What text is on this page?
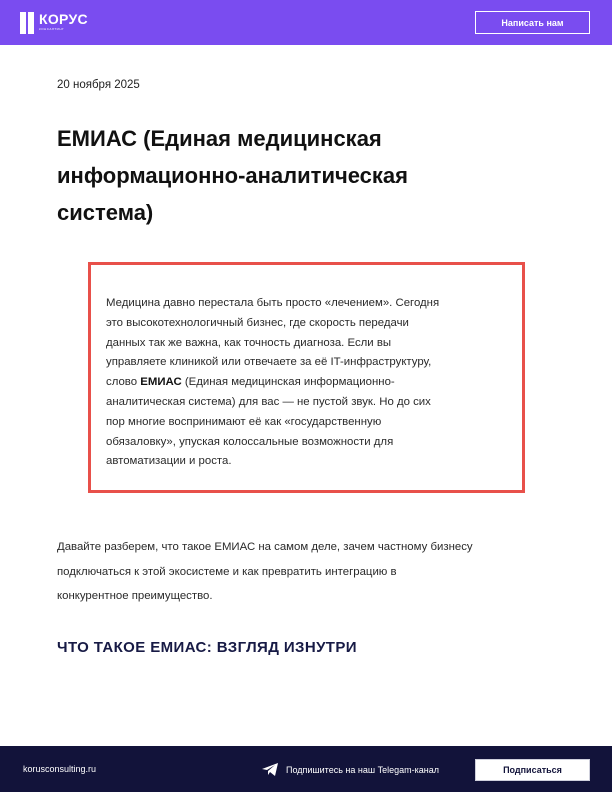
КОРУС
КОНСАЛТИНГ
Написать нам
20 ноября 2025
ЕМИАС (Единая медицинская
информационно-аналитическая
система)
Медицина давно перестала быть просто «лечением». Сегодня
это высокотехнологичный бизнес, где скорость передачи
данных так же важна, как точность диагноза. Если вы
управляете клиникой или отвечаете за её IT-инфраструктуру,
слово ЕМИАС (Единая медицинская информационно-
аналитическая система) для вас — не пустой звук. Но до сих
пор многие воспринимают её как «государственную
обязаловку», упуская колоссальные возможности для
автоматизации и роста.
Давайте разберем, что такое ЕМИАС на самом деле, зачем частному бизнесу
подключаться к этой экосистеме и как превратить интеграцию в
конкурентное преимущество.
ЧТО ТАКОЕ ЕМИАС: ВЗГЛЯД ИЗНУТРИ
korusconsulting.ru	Подпишитесь на наш Telegam-канал	Подписаться
